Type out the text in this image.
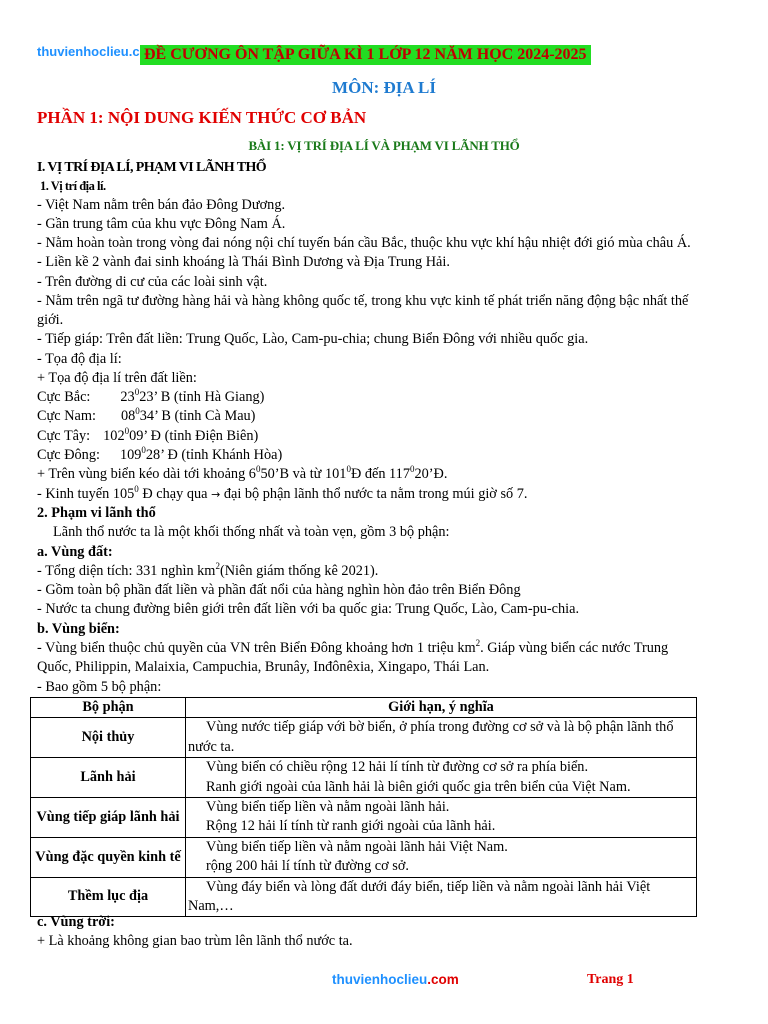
thuvienhoclieu.c ĐỀ CƯƠNG ÔN TẬP GIỮA KÌ 1 LỚP 12 NĂM HỌC 2024-2025
MÔN: ĐỊA LÍ
PHẦN 1: NỘI DUNG KIẾN THỨC CƠ BẢN
BÀI 1: VỊ TRÍ ĐỊA LÍ VÀ PHẠM VI LÃNH THỔ
I. VỊ TRÍ ĐỊA LÍ, PHẠM VI LÃNH THỔ
1. Vị trí địa lí.
- Việt Nam nằm trên bán đảo Đông Dương.
- Gần trung tâm của khu vực Đông Nam Á.
- Nằm hoàn toàn trong vòng đai nóng nội chí tuyến bán cầu Bắc, thuộc khu vực khí hậu nhiệt đới gió mùa châu Á.
- Liền kề 2 vành đai sinh khoáng là Thái Bình Dương và Địa Trung Hải.
- Trên đường di cư của các loài sinh vật.
- Nằm trên ngã tư đường hàng hải và hàng không quốc tế, trong khu vực kinh tế phát triển năng động bậc nhất thế
giới.
- Tiếp giáp: Trên đất liền: Trung Quốc, Lào, Cam-pu-chia; chung Biển Đông với nhiều quốc gia.
- Tọa độ địa lí:
+ Tọa độ địa lí trên đất liền:
Cực Bắc: $23^023$’ B (tỉnh Hà Giang)
Cực Nam: $08^034$’ B (tỉnh Cà Mau)
Cực Tây: $102^009$’ Đ (tỉnh Điện Biên)
Cực Đông: $109^028$’ Đ (tỉnh Khánh Hòa)
+ Trên vùng biển kéo dài tới khoảng $6^050’B$ và từ $101^0Đ$ đến $117^020’Đ$.
- Kinh tuyến $105^0$ Đ chạy qua → đại bộ phận lãnh thổ nước ta nằm trong múi giờ số 7.
2. Phạm vi lãnh thổ
Lãnh thổ nước ta là một khối thống nhất và toàn vẹn, gồm 3 bộ phận:
a. Vùng đất:
- Tổng diện tích: 331 nghìn $km^2(Niên$ giám thống kê 2021).
- Gồm toàn bộ phần đất liền và phần đất nổi của hàng nghìn hòn đảo trên Biển Đông
- Nước ta chung đường biên giới trên đất liền với ba quốc gia: Trung Quốc, Lào, Cam-pu-chia.
b. Vùng biển:
- Vùng biển thuộc chủ quyền của VN trên Biển Đông khoảng hơn 1 triệu $km^2$. Giáp vùng biển các nước Trung
Quốc, Philippin, Malaixia, Campuchia, Brunây, Inđônêxia, Xingapo, Thái Lan.
- Bao gồm 5 bộ phận:
Bộ phận	Giới hạn, ý nghĩa
Nội thủy	Vùng nước tiếp giáp với bờ biển, ở phía trong đường cơ sở và là bộ phận lãnh thổ nước ta.

Lãnh hải	Vùng biển có chiều rộng 12 hải lí tính từ đường cơ sở ra phía biển.

Ranh giới ngoài của lãnh hải là biên giới quốc gia trên biển của Việt Nam.

Vùng tiếp giáp lãnh hải	Vùng biển tiếp liền và nằm ngoài lãnh hải.

Rộng 12 hải lí tính từ ranh giới ngoài của lãnh hải.

Vùng đặc quyền kinh tế	Vùng biển tiếp liền và nằm ngoài lãnh hải Việt Nam.

rộng 200 hải lí tính từ đường cơ sở.

Thềm lục địa	Vùng đáy biển và lòng đất dưới đáy biển, tiếp liền và nằm ngoài lãnh hải Việt Nam,…

c. Vùng trời:
+ Là khoảng không gian bao trùm lên lãnh thổ nước ta.
thuvienhoclieu.com	Trang 1
